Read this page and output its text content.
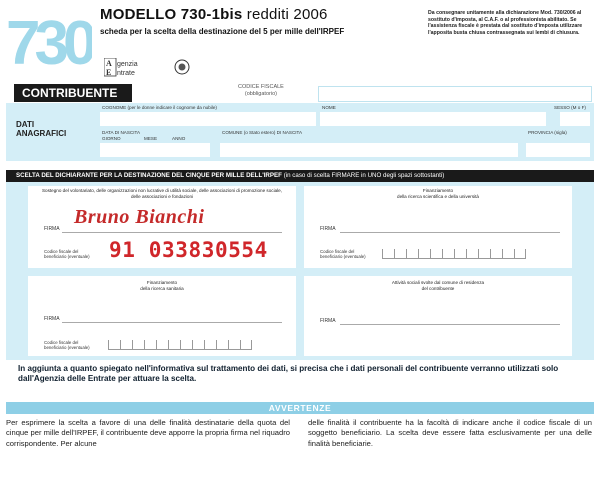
730 MODELLO 730-1bis redditi 2006
scheda per la scelta della destinazione del 5 per mille dell'IRPEF
A
E
genzia
ntrate
Da consegnare unitamente alla dichiarazione Mod. 730/2006 al sostituto d'imposta, al C.A.F. o al professionista abilitato. Se l'assistenza fiscale è prestata dal sostituto d'imposta utilizzare l'apposita busta chiusa contrassegnata sui lembi di chiusura.
CONTRIBUENTE	CODICE FISCALE
(obbligatorio)
DATI
ANAGRAFICI
COGNOME (per le donne indicare il cognome da nubile)	NOME	SESSO (M o F)
DATA DI NASCITA
GIORNO	MESE	ANNO
COMUNE (o Stato estero) DI NASCITA	PROVINCIA (sigla)
SCELTA DEL DICHIARANTE PER LA DESTINAZIONE DEL CINQUE PER MILLE DELL'IRPEF (in caso di scelta FIRMARE in UNO degli spazi sottostanti)
Sostegno del volontariato, delle organizzazioni non lucrative di utilità sociale, delle associazioni di promozione sociale, delle associazioni e fondazioni
FIRMA
Codice fiscale del beneficiario (eventuale)
Bruno Bianchi
91 033830554
Finanziamento
della ricerca scientifica e della università
FIRMA
Codice fiscale del beneficiario (eventuale)
Finanziamento
della ricerca sanitaria
FIRMA
Codice fiscale del beneficiario (eventuale)
Attività sociali svolte dal comune di residenza
del contribuente
FIRMA
In aggiunta a quanto spiegato nell'informativa sul trattamento dei dati, si precisa che i dati personali del contribuente verranno utilizzati solo dall'Agenzia delle Entrate per attuare la scelta.
AVVERTENZE
Per esprimere la scelta a favore di una delle finalità destinatarie della quota del cinque per mille dell'IRPEF, il contribuente deve apporre la propria firma nel riquadro corrispondente. Per alcune
delle finalità il contribuente ha la facoltà di indicare anche il codice fiscale di un soggetto beneficiario. La scelta deve essere fatta esclusivamente per una delle finalità beneficiarie.
